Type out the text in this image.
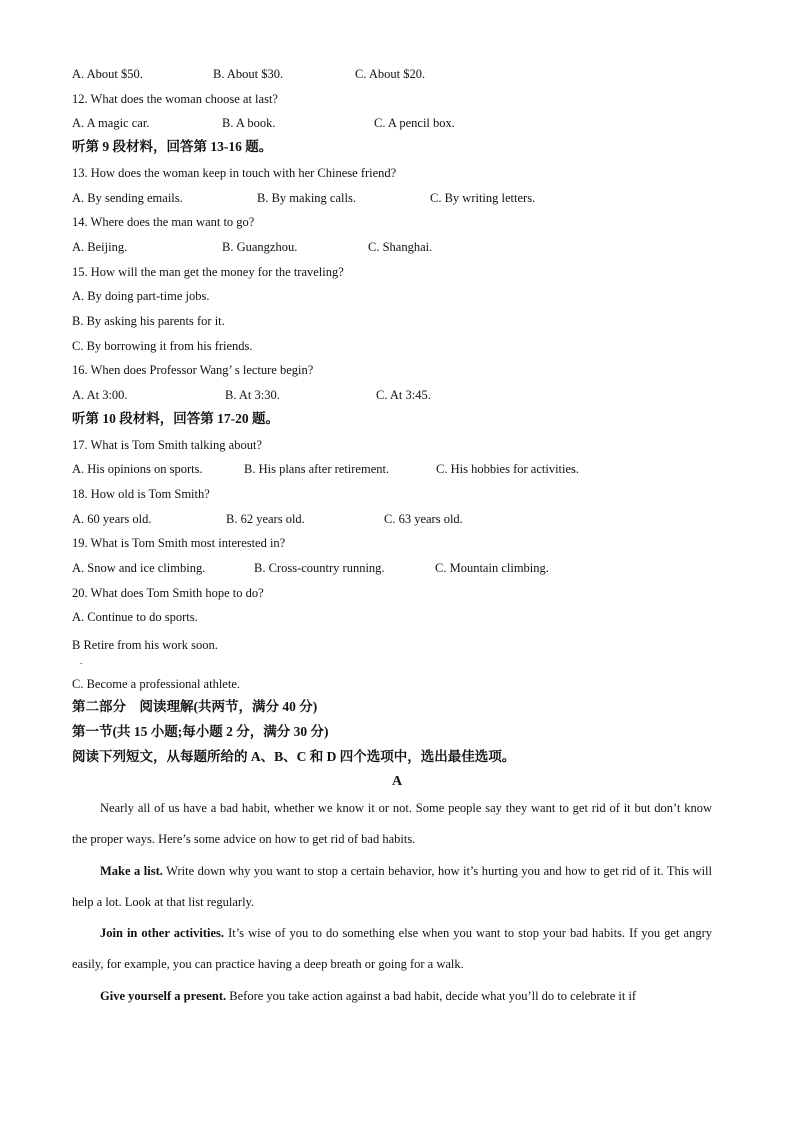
A. About $50.	B. About $30.	C. About $20.
12. What does the woman choose at last?
A. A magic car.	B. A book.	C. A pencil box.
听第 9 段材料，回答第 13-16 题。
13. How does the woman keep in touch with her Chinese friend?
A. By sending emails.	B. By making calls.	C. By writing letters.
14. Where does the man want to go?
A. Beijing.	B. Guangzhou.	C. Shanghai.
15. How will the man get the money for the traveling?
A. By doing part-time jobs.
B. By asking his parents for it.
C. By borrowing it from his friends.
16. When does Professor Wang’ s lecture begin?
A. At 3:00.	B. At 3:30.	C. At 3:45.
听第 10 段材料，回答第 17-20 题。
17. What is Tom Smith talking about?
A. His opinions on sports.	B. His plans after retirement.	C. His hobbies for activities.
18. How old is Tom Smith?
A. 60 years old.	B. 62 years old.	C. 63 years old.
19. What is Tom Smith most interested in?
A. Snow and ice climbing.	B. Cross-country running.	C. Mountain climbing.
20. What does Tom Smith hope to do?
A. Continue to do sports.
B Retire from his work soon.
.
C. Become a professional athlete.
第二部分　阅读理解(共两节，满分 40 分)
第一节(共 15 小题;每小题 2 分，满分 30 分)
阅读下列短文，从每题所给的 A、B、C 和 D 四个选项中，选出最佳选项。
A
Nearly all of us have a bad habit, whether we know it or not. Some people say they want to get rid of it but don’t know the proper ways. Here’s some advice on how to get rid of bad habits.
Make a list. Write down why you want to stop a certain behavior, how it’s hurting you and how to get rid of it. This will help a lot. Look at that list regularly.
Join in other activities. It’s wise of you to do something else when you want to stop your bad habits. If you get angry easily, for example, you can practice having a deep breath or going for a walk.
Give yourself a present. Before you take action against a bad habit, decide what you’ll do to celebrate it if
